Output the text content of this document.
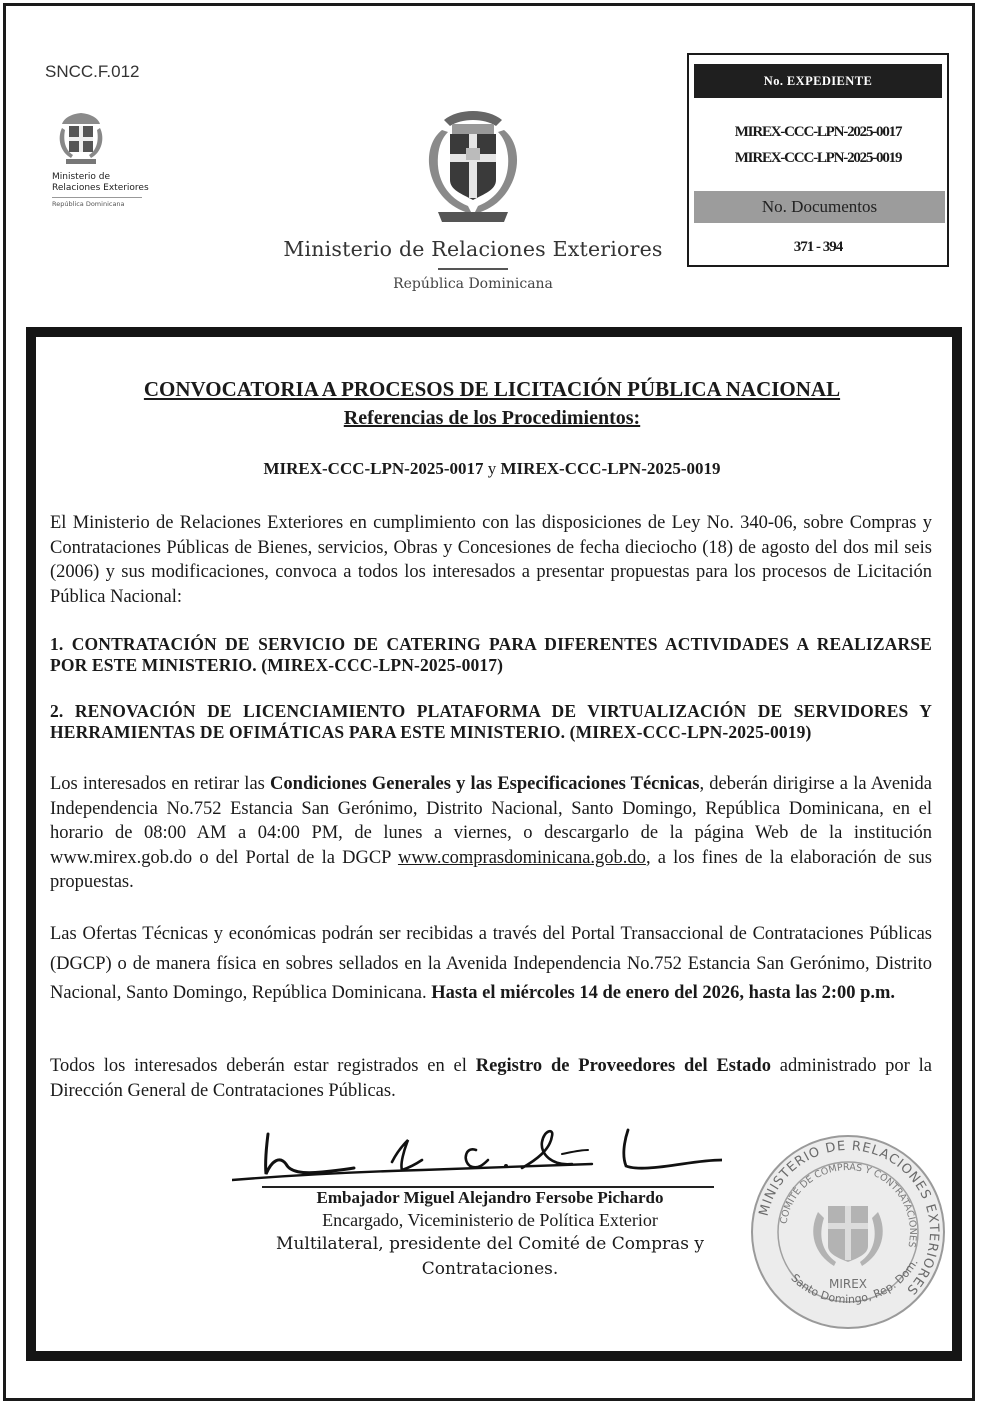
SNCC.F.012
Ministerio de
Relaciones Exteriores
República Dominicana
Ministerio de Relaciones Exteriores
República Dominicana
No. EXPEDIENTE
MIREX-CCC-LPN-2025-0017
MIREX-CCC-LPN-2025-0019
No. Documentos
371 - 394
CONVOCATORIA A PROCESOS DE LICITACIÓN PÚBLICA NACIONAL
Referencias de los Procedimientos:
MIREX-CCC-LPN-2025-0017 y MIREX-CCC-LPN-2025-0019
El Ministerio de Relaciones Exteriores en cumplimiento con las disposiciones de Ley No. 340-06, sobre Compras y Contrataciones Públicas de Bienes, servicios, Obras y Concesiones de fecha dieciocho (18) de agosto del dos mil seis (2006) y sus modificaciones, convoca a todos los interesados a presentar propuestas para los procesos de Licitación Pública Nacional:
1. CONTRATACIÓN DE SERVICIO DE CATERING PARA DIFERENTES ACTIVIDADES A REALIZARSE POR ESTE MINISTERIO. (MIREX-CCC-LPN-2025-0017)
2. RENOVACIÓN DE LICENCIAMIENTO PLATAFORMA DE VIRTUALIZACIÓN DE SERVIDORES Y HERRAMIENTAS DE OFIMÁTICAS PARA ESTE MINISTERIO. (MIREX-CCC-LPN-2025-0019)
Los interesados en retirar las Condiciones Generales y las Especificaciones Técnicas, deberán dirigirse a la Avenida Independencia No.752 Estancia San Gerónimo, Distrito Nacional, Santo Domingo, República Dominicana, en el horario de 08:00 AM a 04:00 PM, de lunes a viernes, o descargarlo de la página Web de la institución www.mirex.gob.do o del Portal de la DGCP www.comprasdominicana.gob.do, a los fines de la elaboración de sus propuestas.
Las Ofertas Técnicas y económicas podrán ser recibidas a través del Portal Transaccional de Contrataciones Públicas (DGCP) o de manera física en sobres sellados en la Avenida Independencia No.752 Estancia San Gerónimo, Distrito Nacional, Santo Domingo, República Dominicana. Hasta el miércoles 14 de enero del 2026, hasta las 2:00 p.m.
Todos los interesados deberán estar registrados en el Registro de Proveedores del Estado administrado por la Dirección General de Contrataciones Públicas.
Embajador Miguel Alejandro Fersobe Pichardo
Encargado, Viceministerio de Política Exterior
Multilateral, presidente del Comité de Compras y
Contrataciones.
MINISTERIO DE RELACIONES EXTERIORES
COMITÉ DE COMPRAS Y CONTRATACIONES
MIREX
Santo Domingo, Rep. Dom.
